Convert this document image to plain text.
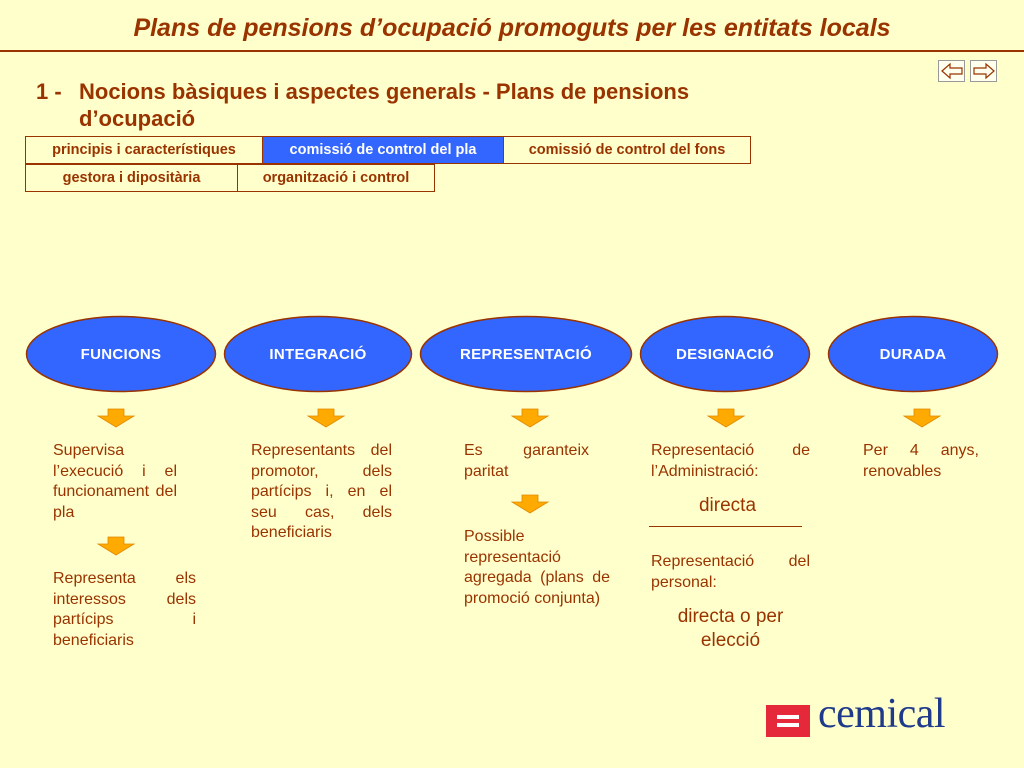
Plans de pensions d’ocupació promoguts per les entitats locals
1 - Nocions bàsiques i aspectes generals - Plans de pensions
d’ocupació
principis i característiques	comissió de control del pla	comissió de control del fons
gestora i dipositària	organització i control
FUNCIONS	INTEGRACIÓ	REPRESENTACIÓ	DESIGNACIÓ	DURADA
Supervisa l’execució i el funcionament del pla
Representa els interessos dels partícips i beneficiaris
Representants del promotor, dels partícips i, en el seu cas, dels beneficiaris
Es garanteix paritat
Possible representació agregada (plans de promoció conjunta)
Representació de l’Administració:
directa
Representació del personal:
directa o per elecció
Per 4 anys, renovables
cemical
